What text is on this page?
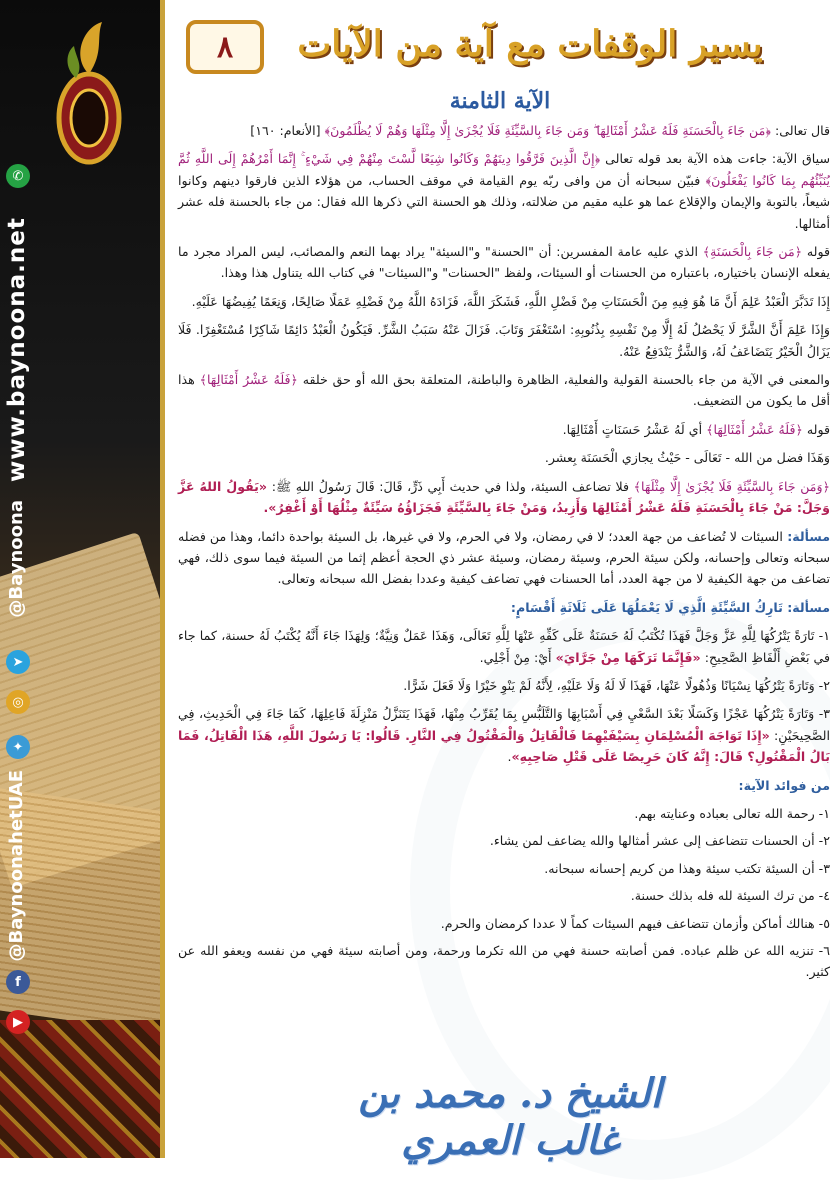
www.baynoona.net
✆
@Baynoona
➤
◎
✦
@BaynoonahetUAE
f
▶
يسير الوقفات مع آية من الآيات
٨
الآية الثامنة

قال تعالى: ﴿مَن جَاءَ بِالْحَسَنَةِ فَلَهُ عَشْرُ أَمْثَالِهَا ۖ وَمَن جَاءَ بِالسَّيِّئَةِ فَلَا يُجْزَىٰ إِلَّا مِثْلَهَا وَهُمْ لَا يُظْلَمُونَ﴾ [الأنعام: ١٦٠]

سياق الآية: جاءت هذه الآية بعد قوله تعالى ﴿إِنَّ الَّذِينَ فَرَّقُوا دِينَهُمْ وَكَانُوا شِيَعًا لَّسْتَ مِنْهُمْ فِي شَيْءٍ ۚ إِنَّمَا أَمْرُهُمْ إِلَى اللَّهِ ثُمَّ يُنَبِّئُهُم بِمَا كَانُوا يَفْعَلُونَ﴾ فبيّن سبحانه أن من وافى ربّه يوم القيامة في موقف الحساب، من هؤلاء الذين فارقوا دينهم وكانوا شيعاً، بالتوبة والإيمان والإقلاع عما هو عليه مقيم من ضلالته، وذلك هو الحسنة التي ذكرها الله فقال: من جاء بالحسنة فله عشر أمثالها.

قوله ﴿مَن جَاءَ بِالْحَسَنَةِ﴾ الذي عليه عامة المفسرين: أن "الحسنة" و"السيئة" يراد بهما النعم والمصائب، ليس المراد مجرد ما يفعله الإنسان باختياره، باعتباره من الحسنات أو السيئات، ولفظ "الحسنات" و"السيئات" في كتاب الله يتناول هذا وهذا.

إِذَا تَدَبَّرَ الْعَبْدُ عَلِمَ أَنَّ مَا هُوَ فِيهِ مِنَ الْحَسَنَاتِ مِنْ فَضْلِ اللَّهِ، فَشَكَرَ اللَّهَ، فَزَادَهُ اللَّهُ مِنْ فَضْلِهِ عَمَلًا صَالِحًا، وَنِعَمًا يُفِيضُهَا عَلَيْهِ.

وَإِذَا عَلِمَ أَنَّ الشَّرَّ لَا يَحْصُلُ لَهُ إِلَّا مِنْ نَفْسِهِ بِذُنُوبِهِ: اسْتَغْفَرَ وَتَابَ. فَزَالَ عَنْهُ سَبَبُ الشَّرِّ. فَيَكُونُ الْعَبْدُ دَائِمًا شَاكِرًا مُسْتَغْفِرًا. فَلَا يَزَالُ الْخَيْرُ يَتَضَاعَفُ لَهُ، وَالشَّرُّ يَنْدَفِعُ عَنْهُ.

والمعنى في الآية من جاء بالحسنة القولية والفعلية، الظاهرة والباطنة، المتعلقة بحق الله أو حق خلقه ﴿فَلَهُ عَشْرُ أَمْثَالِهَا﴾ هذا أقل ما يكون من التضعيف.

قوله ﴿فَلَهُ عَشْرُ أَمْثَالِهَا﴾ أي لَهُ عَشْرُ حَسَنَاتٍ أَمْثَالِهَا.

وَهَذَا فضل من الله - تَعَالَى - حَيْثُ يجازي الْحَسَنَة بِعشر.

﴿وَمَن جَاءَ بِالسَّيِّئَةِ فَلَا يُجْزَىٰ إِلَّا مِثْلَهَا﴾ فلا تضاعف السيئة، ولذا في حديث أَبِي ذَرٍّ، قَالَ: قَالَ رَسُولُ اللهِ ﷺ: «يَقُولُ اللهُ عَزَّ وَجَلَّ: مَنْ جَاءَ بِالْحَسَنَةِ فَلَهُ عَشْرُ أَمْثَالِهَا وَأَزِيدُ، وَمَنْ جَاءَ بِالسَّيِّئَةِ فَجَزَاؤُهُ سَيِّئَةٌ مِثْلُهَا أَوْ أَغْفِرُ».

مسألة: السيئات لا تُضاعف من جهة العدد؛ لا في رمضان، ولا في الحرم، ولا في غيرها، بل السيئة بواحدة دائما، وهذا من فضله سبحانه وتعالى وإحسانه، ولكن سيئة الحرم، وسيئة رمضان، وسيئة عشر ذي الحجة أعظم إثما من السيئة فيما سوى ذلك، فهي تضاعف من جهة الكيفية لا من جهة العدد، أما الحسنات فهي تضاعف كيفية وعددا بفضل الله سبحانه وتعالى.

مسألة: تَارِكُ السَّيِّئَةِ الَّذِي لَا يَعْمَلُهَا عَلَى ثَلَاثَةِ أَقْسَامٍ:

١- تَارَةً يَتْرُكُهَا لِلَّهِ عَزَّ وَجَلَّ فَهَذَا تُكْتَبُ لَهُ حَسَنَةٌ عَلَى كَفِّهِ عَنْهَا لِلَّهِ تَعَالَى، وَهَذَا عَمَلٌ وَنِيَّةٌ؛ وَلِهَذَا جَاءَ أَنَّهُ يُكْتَبُ لَهُ حسنة، كما جاء في بَعْضِ أَلْفَاظِ الصَّحِيحِ: «فَإِنَّمَا تَرَكَهَا مِنْ جَرَّايَ» أَيْ: مِنْ أَجْلِي.

٢- وَتَارَةً يَتْرُكُهَا نِسْيَانًا وَذُهُولًا عَنْهَا، فَهَذَا لَا لَهُ وَلَا عَلَيْهِ، لِأَنَّهُ لَمْ يَنْوِ خَيْرًا وَلَا فَعَلَ شَرًّا.

٣- وَتَارَةً يَتْرُكُهَا عَجْزًا وَكَسَلًا بَعْدَ السَّعْيِ فِي أَسْبَابِهَا وَالتَّلَبُّسِ بِمَا يُقَرِّبُ مِنْهَا، فَهَذَا يَتَنَزَّلُ مَنْزِلَةَ فَاعِلِهَا، كَمَا جَاءَ فِي الْحَدِيثِ، فِي الصَّحِيحَيْنِ: «إِذَا تَوَاجَهَ الْمُسْلِمَانِ بِسَيْفَيْهِمَا فَالْقَاتِلُ وَالْمَقْتُولُ فِي النَّارِ. قَالُوا: يَا رَسُولَ اللَّهِ، هَذَا الْقَاتِلُ، فَمَا بَالُ الْمَقْتُولِ؟ قَالَ: إِنَّهُ كَانَ حَرِيصًا عَلَى قَتْلِ صَاحِبِهِ».

من فوائد الآية:

١- رحمة الله تعالى بعباده وعنايته بهم.
٢- أن الحسنات تتضاعف إلى عشر أمثالها والله يضاعف لمن يشاء.
٣- أن السيئة تكتب سيئة وهذا من كريم إحسانه سبحانه.
٤- من ترك السيئة لله فله بذلك حسنة.
٥- هنالك أماكن وأزمان تتضاعف فيهم السيئات كماً لا عددا كرمضان والحرم.
٦- تنزيه الله عن ظلم عباده. فمن أصابته حسنة فهي من الله تكرما ورحمة، ومن أصابته سيئة فهي من نفسه ويعفو الله عن كثير.
الشيخ د. محمد بن غالب العمري
